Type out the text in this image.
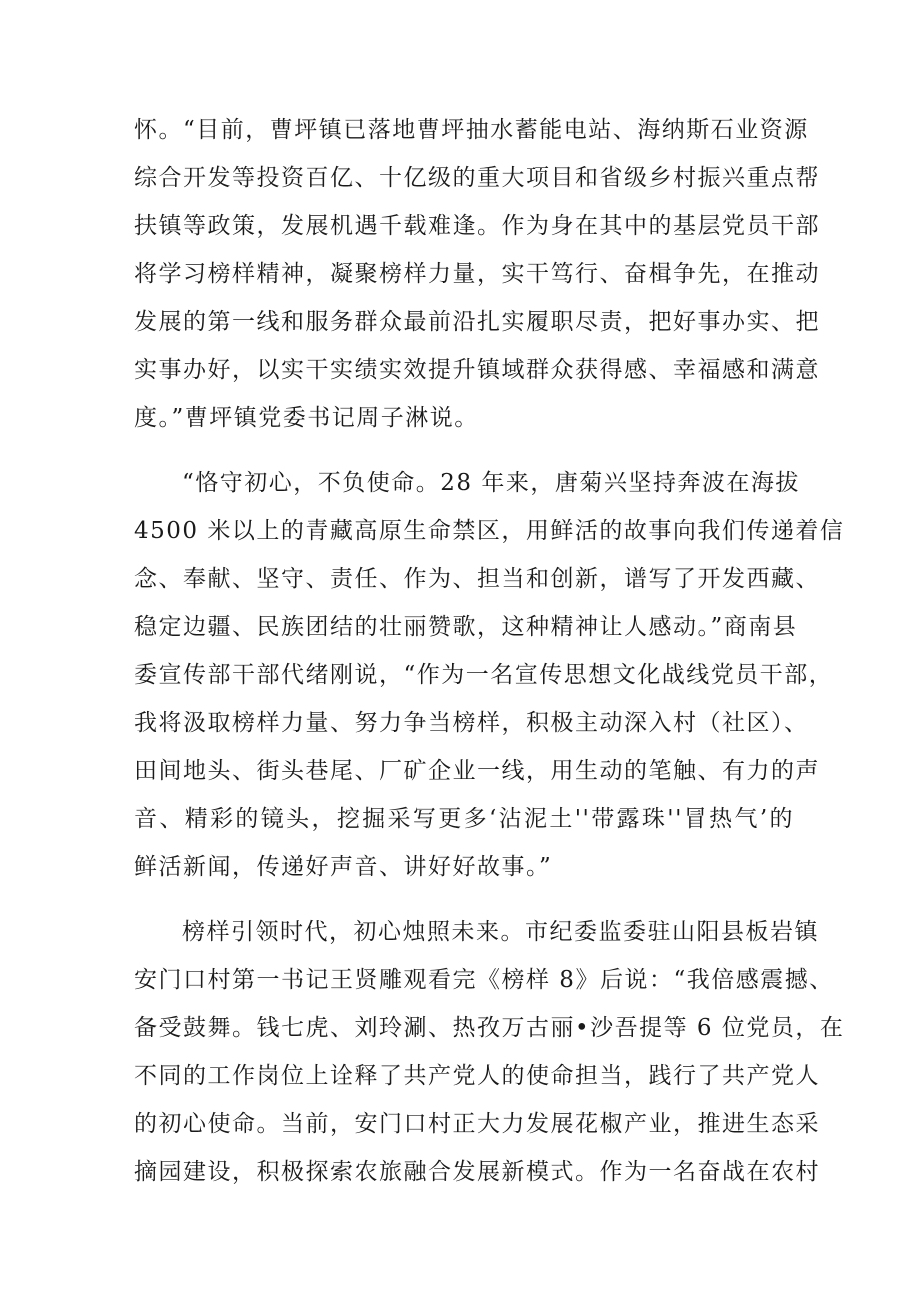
怀。“目前，曹坪镇已落地曹坪抽水蓄能电站、海纳斯石业资源
综合开发等投资百亿、十亿级的重大项目和省级乡村振兴重点帮
扶镇等政策，发展机遇千载难逢。作为身在其中的基层党员干部
将学习榜样精神，凝聚榜样力量，实干笃行、奋楫争先，在推动
发展的第一线和服务群众最前沿扎实履职尽责，把好事办实、把
实事办好，以实干实绩实效提升镇域群众获得感、幸福感和满意
度。”曹坪镇党委书记周子淋说。
“恪守初心，不负使命。28 年来，唐菊兴坚持奔波在海拔
4500 米以上的青藏高原生命禁区，用鲜活的故事向我们传递着信
念、奉献、坚守、责任、作为、担当和创新，谱写了开发西藏、
稳定边疆、民族团结的壮丽赞歌，这种精神让人感动。”商南县
委宣传部干部代绪刚说，“作为一名宣传思想文化战线党员干部，
我将汲取榜样力量、努力争当榜样，积极主动深入村（社区）、
田间地头、街头巷尾、厂矿企业一线，用生动的笔触、有力的声
音、精彩的镜头，挖掘采写更多‘沾泥土''带露珠''冒热气’的
鲜活新闻，传递好声音、讲好好故事。”
榜样引领时代，初心烛照未来。市纪委监委驻山阳县板岩镇
安门口村第一书记王贤雕观看完《榜样 8》后说：“我倍感震撼、
备受鼓舞。钱七虎、刘玲涮、热孜万古丽•沙吾提等 6 位党员，在
不同的工作岗位上诠释了共产党人的使命担当，践行了共产党人
的初心使命。当前，安门口村正大力发展花椒产业，推进生态采
摘园建设，积极探索农旅融合发展新模式。作为一名奋战在农村
